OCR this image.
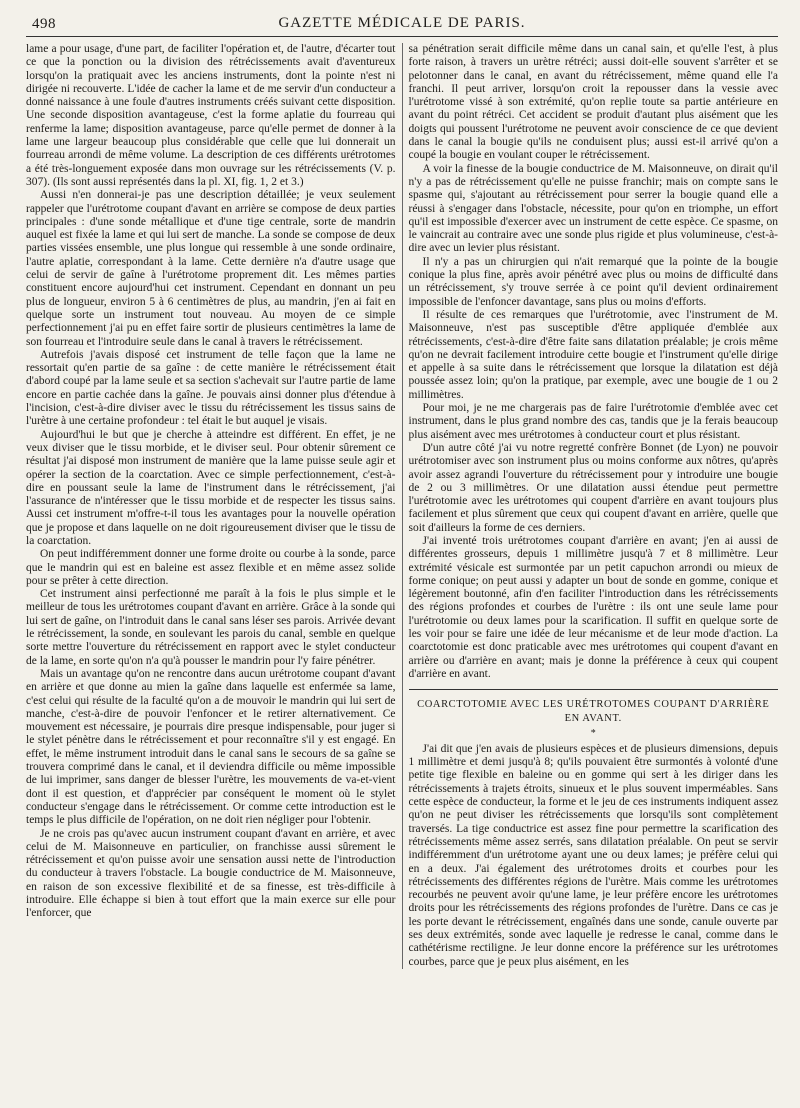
498	GAZETTE MÉDICALE DE PARIS.

lame a pour usage, d'une part, de faciliter l'opération et, de l'autre, d'écarter tout ce que la ponction ou la division des rétrécissements avait d'aventureux lorsqu'on la pratiquait avec les anciens instruments, dont la pointe n'est ni dirigée ni recouverte. L'idée de cacher la lame et de me servir d'un conducteur a donné naissance à une foule d'autres instruments créés suivant cette disposition. Une seconde disposition avantageuse, c'est la forme aplatie du fourreau qui renferme la lame; disposition avantageuse, parce qu'elle permet de donner à la lame une largeur beaucoup plus considérable que celle que lui donnerait un fourreau arrondi de même volume. La description de ces différents urétrotomes a été très-longuement exposée dans mon ouvrage sur les rétrécissements (V. p. 307). (Ils sont aussi représentés dans la pl. XI, fig. 1, 2 et 3.)

Aussi n'en donnerai-je pas une description détaillée; je veux seulement rappeler que l'urétrotome coupant d'avant en arrière se compose de deux parties principales : d'une sonde métallique et d'une tige centrale, sorte de mandrin auquel est fixée la lame et qui lui sert de manche. La sonde se compose de deux parties vissées ensemble, une plus longue qui ressemble à une sonde ordinaire, l'autre aplatie, correspondant à la lame. Cette dernière n'a d'autre usage que celui de servir de gaîne à l'urétrotome proprement dit. Les mêmes parties constituent encore aujourd'hui cet instrument. Cependant en donnant un peu plus de longueur, environ 5 à 6 centimètres de plus, au mandrin, j'en ai fait en quelque sorte un instrument tout nouveau. Au moyen de ce simple perfectionnement j'ai pu en effet faire sortir de plusieurs centimètres la lame de son fourreau et l'introduire seule dans le canal à travers le rétrécissement.

Autrefois j'avais disposé cet instrument de telle façon que la lame ne ressortait qu'en partie de sa gaîne : de cette manière le rétrécissement était d'abord coupé par la lame seule et sa section s'achevait sur l'autre partie de lame encore en partie cachée dans la gaîne. Je pouvais ainsi donner plus d'étendue à l'incision, c'est-à-dire diviser avec le tissu du rétrécissement les tissus sains de l'urètre à une certaine profondeur : tel était le but auquel je visais.

Aujourd'hui le but que je cherche à atteindre est différent. En effet, je ne veux diviser que le tissu morbide, et le diviser seul. Pour obtenir sûrement ce résultat j'ai disposé mon instrument de manière que la lame puisse seule agir et opérer la section de la coarctation. Avec ce simple perfectionnement, c'est-à-dire en poussant seule la lame de l'instrument dans le rétrécissement, j'ai l'assurance de n'intéresser que le tissu morbide et de respecter les tissus sains. Aussi cet instrument m'offre-t-il tous les avantages pour la nouvelle opération que je propose et dans laquelle on ne doit rigoureusement diviser que le tissu de la coarctation.

On peut indifféremment donner une forme droite ou courbe à la sonde, parce que le mandrin qui est en baleine est assez flexible et en même assez solide pour se prêter à cette direction.

Cet instrument ainsi perfectionné me paraît à la fois le plus simple et le meilleur de tous les urétrotomes coupant d'avant en arrière. Grâce à la sonde qui lui sert de gaîne, on l'introduit dans le canal sans léser ses parois. Arrivée devant le rétrécissement, la sonde, en soulevant les parois du canal, semble en quelque sorte mettre l'ouverture du rétrécissement en rapport avec le stylet conducteur de la lame, en sorte qu'on n'a qu'à pousser le mandrin pour l'y faire pénétrer.

Mais un avantage qu'on ne rencontre dans aucun urétrotome coupant d'avant en arrière et que donne au mien la gaîne dans laquelle est enfermée sa lame, c'est celui qui résulte de la faculté qu'on a de mouvoir le mandrin qui lui sert de manche, c'est-à-dire de pouvoir l'enfoncer et le retirer alternativement. Ce mouvement est nécessaire, je pourrais dire presque indispensable, pour juger si le stylet pénètre dans le rétrécissement et pour reconnaître s'il y est engagé. En effet, le même instrument introduit dans le canal sans le secours de sa gaîne se trouvera comprimé dans le canal, et il deviendra difficile ou même impossible de lui imprimer, sans danger de blesser l'urètre, les mouvements de va-et-vient dont il est question, et d'apprécier par conséquent le moment où le stylet conducteur s'engage dans le rétrécissement. Or comme cette introduction est le temps le plus difficile de l'opération, on ne doit rien négliger pour l'obtenir.

Je ne crois pas qu'avec aucun instrument coupant d'avant en arrière, et avec celui de M. Maisonneuve en particulier, on franchisse aussi sûrement le rétrécissement et qu'on puisse avoir une sensation aussi nette de l'introduction du conducteur à travers l'obstacle. La bougie conductrice de M. Maisonneuve, en raison de son excessive flexibilité et de sa finesse, est très-difficile à introduire. Elle échappe si bien à tout effort que la main exerce sur elle pour l'enforcer, que

sa pénétration serait difficile même dans un canal sain, et qu'elle l'est, à plus forte raison, à travers un urètre rétréci; aussi doit-elle souvent s'arrêter et se pelotonner dans le canal, en avant du rétrécissement, même quand elle l'a franchi. Il peut arriver, lorsqu'on croit la repousser dans la vessie avec l'urétrotome vissé à son extrémité, qu'on replie toute sa partie antérieure en avant du point rétréci. Cet accident se produit d'autant plus aisément que les doigts qui poussent l'urétrotome ne peuvent avoir conscience de ce que devient dans le canal la bougie qu'ils ne conduisent plus; aussi est-il arrivé qu'on a coupé la bougie en voulant couper le rétrécissement.

A voir la finesse de la bougie conductrice de M. Maisonneuve, on dirait qu'il n'y a pas de rétrécissement qu'elle ne puisse franchir; mais on compte sans le spasme qui, s'ajoutant au rétrécissement pour serrer la bougie quand elle a réussi à s'engager dans l'obstacle, nécessite, pour qu'on en triomphe, un effort qu'il est impossible d'exercer avec un instrument de cette espèce. Ce spasme, on le vaincrait au contraire avec une sonde plus rigide et plus volumineuse, c'est-à-dire avec un levier plus résistant.

Il n'y a pas un chirurgien qui n'ait remarqué que la pointe de la bougie conique la plus fine, après avoir pénétré avec plus ou moins de difficulté dans un rétrécissement, s'y trouve serrée à ce point qu'il devient ordinairement impossible de l'enfoncer davantage, sans plus ou moins d'efforts.

Il résulte de ces remarques que l'urétrotomie, avec l'instrument de M. Maisonneuve, n'est pas susceptible d'être appliquée d'emblée aux rétrécissements, c'est-à-dire d'être faite sans dilatation préalable; je crois même qu'on ne devrait facilement introduire cette bougie et l'instrument qu'elle dirige et appelle à sa suite dans le rétrécissement que lorsque la dilatation est déjà poussée assez loin; qu'on la pratique, par exemple, avec une bougie de 1 ou 2 millimètres.

Pour moi, je ne me chargerais pas de faire l'urétrotomie d'emblée avec cet instrument, dans le plus grand nombre des cas, tandis que je la ferais beaucoup plus aisément avec mes urétrotomes à conducteur court et plus résistant.

D'un autre côté j'ai vu notre regretté confrère Bonnet (de Lyon) ne pouvoir urétrotomiser avec son instrument plus ou moins conforme aux nôtres, qu'après avoir assez agrandi l'ouverture du rétrécissement pour y introduire une bougie de 2 ou 3 millimètres. Or une dilatation aussi étendue peut permettre l'urétrotomie avec les urétrotomes qui coupent d'arrière en avant toujours plus facilement et plus sûrement que ceux qui coupent d'avant en arrière, quelle que soit d'ailleurs la forme de ces derniers.

J'ai inventé trois urétrotomes coupant d'arrière en avant; j'en ai aussi de différentes grosseurs, depuis 1 millimètre jusqu'à 7 et 8 millimètre. Leur extrémité vésicale est surmontée par un petit capuchon arrondi ou mieux de forme conique; on peut aussi y adapter un bout de sonde en gomme, conique et légèrement boutonné, afin d'en faciliter l'introduction dans les rétrécissements des régions profondes et courbes de l'urètre : ils ont une seule lame pour l'urétrotomie ou deux lames pour la scarification. Il suffit en quelque sorte de les voir pour se faire une idée de leur mécanisme et de leur mode d'action. La coarctotomie est donc praticable avec mes urétrotomes qui coupent d'avant en arrière ou d'arrière en avant; mais je donne la préférence à ceux qui coupent d'arrière en avant.

COARCTOTOMIE AVEC LES URÉTROTOMES COUPANT D'ARRIÈRE EN AVANT.
*

J'ai dit que j'en avais de plusieurs espèces et de plusieurs dimensions, depuis 1 millimètre et demi jusqu'à 8; qu'ils pouvaient être surmontés à volonté d'une petite tige flexible en baleine ou en gomme qui sert à les diriger dans les rétrécissements à trajets étroits, sinueux et le plus souvent imperméables. Sans cette espèce de conducteur, la forme et le jeu de ces instruments indiquent assez qu'on ne peut diviser les rétrécissements que lorsqu'ils sont complètement traversés. La tige conductrice est assez fine pour permettre la scarification des rétrécissements même assez serrés, sans dilatation préalable. On peut se servir indifféremment d'un urétrotome ayant une ou deux lames; je préfère celui qui en a deux. J'ai également des urétrotomes droits et courbes pour les rétrécissements des différentes régions de l'urètre. Mais comme les urétrotomes recourbés ne peuvent avoir qu'une lame, je leur préfère encore les urétrotomes droits pour les rétrécissements des régions profondes de l'urètre. Dans ce cas je les porte devant le rétrécissement, engaînés dans une sonde, canule ouverte par ses deux extrémités, sonde avec laquelle je redresse le canal, comme dans le cathétérisme rectiligne. Je leur donne encore la préférence sur les urétrotomes courbes, parce que je peux plus aisément, en les
